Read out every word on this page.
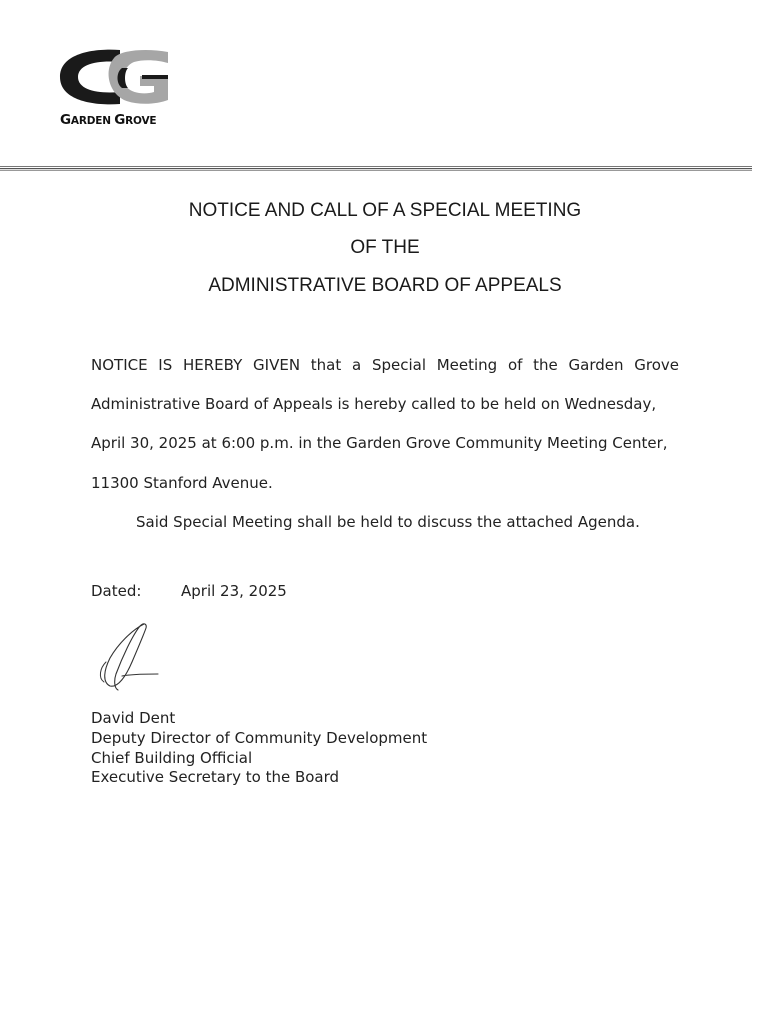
GARDEN GROVE
NOTICE AND CALL OF A SPECIAL MEETING
OF THE
ADMINISTRATIVE BOARD OF APPEALS
NOTICE IS HEREBY GIVEN that a Special Meeting of the Garden Grove
Administrative Board of Appeals is hereby called to be held on Wednesday,
April 30, 2025 at 6:00 p.m. in the Garden Grove Community Meeting Center,
11300 Stanford Avenue.
Said Special Meeting shall be held to discuss the attached Agenda.
Dated:	April 23, 2025
David Dent
Deputy Director of Community Development
Chief Building Official
Executive Secretary to the Board
